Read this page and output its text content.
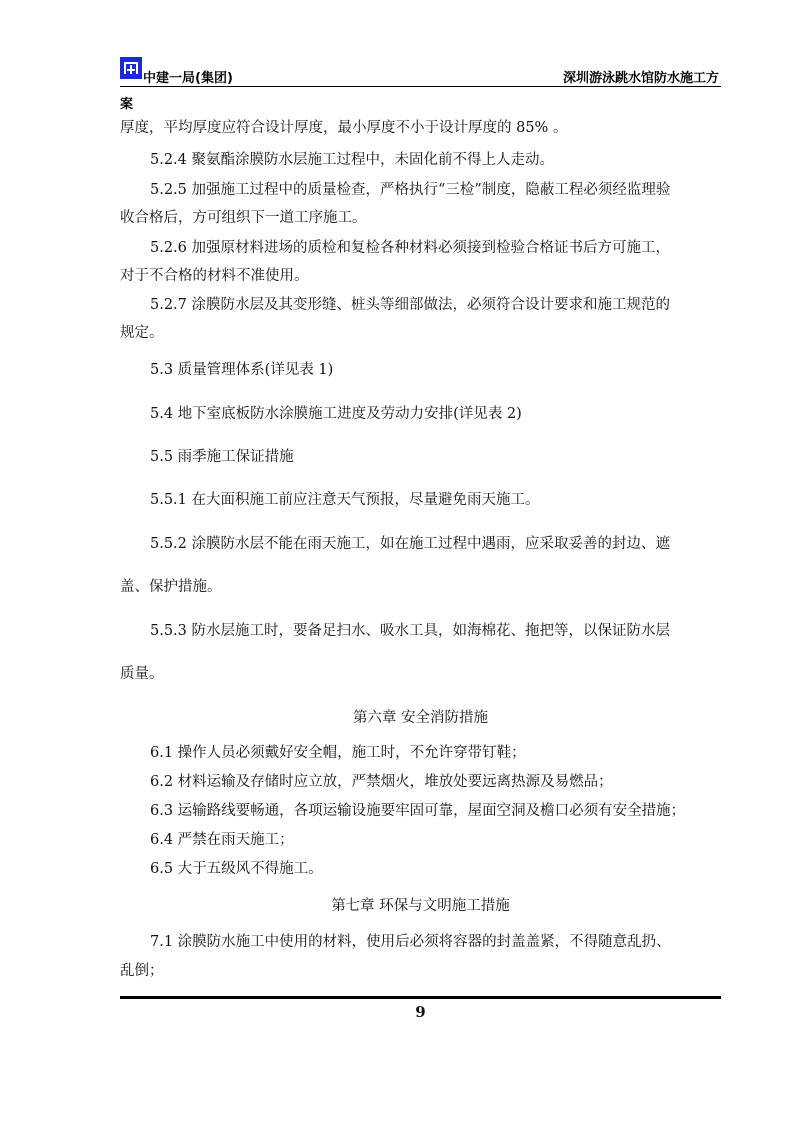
中建一局(集团)	深圳游泳跳水馆防水施工方
案
厚度，平均厚度应符合设计厚度，最小厚度不小于设计厚度的 85% 。
5.2.4 聚氨酯涂膜防水层施工过程中，未固化前不得上人走动。
5.2.5 加强施工过程中的质量检查，严格执行“三检”制度，隐蔽工程必须经监理验
收合格后，方可组织下一道工序施工。
5.2.6 加强原材料进场的质检和复检各种材料必须接到检验合格证书后方可施工，
对于不合格的材料不准使用。
5.2.7 涂膜防水层及其变形缝、桩头等细部做法，必须符合设计要求和施工规范的
规定。
5.3 质量管理体系(详见表 1)
5.4 地下室底板防水涂膜施工进度及劳动力安排(详见表 2)
5.5 雨季施工保证措施
5.5.1 在大面积施工前应注意天气预报，尽量避免雨天施工。
5.5.2 涂膜防水层不能在雨天施工，如在施工过程中遇雨，应采取妥善的封边、遮
盖、保护措施。
5.5.3 防水层施工时，要备足扫水、吸水工具，如海棉花、拖把等，以保证防水层
质量。
第六章 安全消防措施
6.1 操作人员必须戴好安全帽，施工时，不允许穿带钉鞋；
6.2 材料运输及存储时应立放，严禁烟火，堆放处要远离热源及易燃品；
6.3 运输路线要畅通，各项运输设施要牢固可靠，屋面空洞及檐口必须有安全措施；
6.4 严禁在雨天施工；
6.5 大于五级风不得施工。
第七章 环保与文明施工措施
7.1 涂膜防水施工中使用的材料，使用后必须将容器的封盖盖紧，不得随意乱扔、
乱倒；
9
